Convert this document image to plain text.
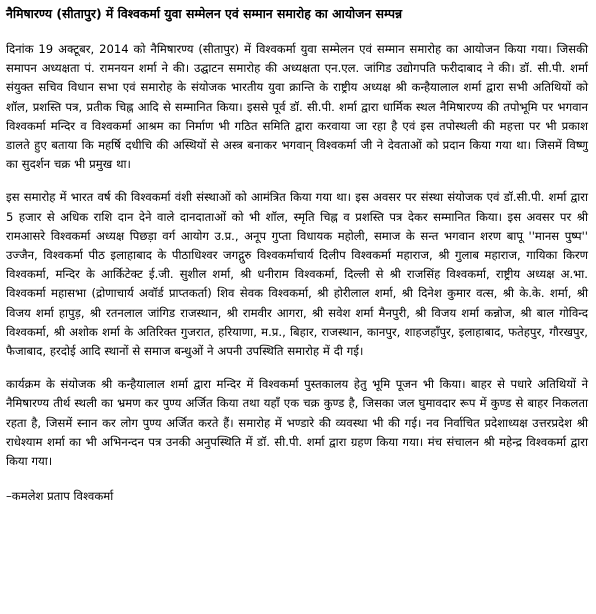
नैमिषारण्य (सीतापुर) में विश्वकर्मा युवा सम्मेलन एवं सम्मान समारोह का आयोजन सम्पन्न

दिनांक 19 अक्टूबर, 2014 को नैमिषारण्य (सीतापुर) में विश्वकर्मा युवा सम्मेलन एवं सम्मान समारोह का आयोजन किया गया। जिसकी समापन अध्यक्षता पं. रामनयन शर्मा ने की। उद्घाटन समारोह की अध्यक्षता एन.एल. जांगिड उद्योगपति फरीदाबाद ने की। डॉ. सी.पी. शर्मा संयुक्त सचिव विधान सभा एवं समारोह के संयोजक भारतीय युवा क्रान्ति के राष्ट्रीय अध्यक्ष श्री कन्हैयालाल शर्मा द्वारा सभी अतिथियों को शॉल, प्रशस्ति पत्र, प्रतीक चिह्न आदि से सम्मानित किया। इससे पूर्व डॉ. सी.पी. शर्मा द्वारा धार्मिक स्थल नैमिषारण्य की तपोभूमि पर भगवान विश्वकर्मा मन्दिर व विश्वकर्मा आश्रम का निर्माण भी गठित समिति द्वारा करवाया जा रहा है एवं इस तपोस्थली की महत्ता पर भी प्रकाश डालते हुए बताया कि महर्षि दधीचि की अस्थियों से अस्त्र बनाकर भगवान् विश्वकर्मा जी ने देवताओं को प्रदान किया गया था। जिसमें विष्णु का सुदर्शन चक्र भी प्रमुख था।

इस समारोह में भारत वर्ष की विश्वकर्मा वंशी संस्थाओं को आमंत्रित किया गया था। इस अवसर पर संस्था संयोजक एवं डॉ.सी.पी. शर्मा द्वारा 5 हजार से अधिक राशि दान देने वाले दानदाताओं को भी शॉल, स्मृति चिह्न व प्रशस्ति पत्र देकर सम्मानित किया। इस अवसर पर श्री रामआसरे विश्वकर्मा अध्यक्ष पिछड़ा वर्ग आयोग उ.प्र., अनूप गुप्ता विधायक महोली, समाज के सन्त भगवान शरण बापू ''मानस पुष्प'' उज्जैन, विश्वकर्मा पीठ इलाहाबाद के पीठाधिश्वर जगद्गुरु विश्वकर्माचार्य दिलीप विश्वकर्मा महाराज, श्री गुलाब महाराज, गायिका किरण विश्वकर्मा, मन्दिर के आर्किटेक्ट ई.जी. सुशील शर्मा, श्री धनीराम विश्वकर्मा, दिल्ली से श्री राजसिंह विश्वकर्मा, राष्ट्रीय अध्यक्ष अ.भा. विश्वकर्मा महासभा (द्रोणाचार्य अवॉर्ड प्राप्तकर्ता) शिव सेवक विश्वकर्मा, श्री होरीलाल शर्मा, श्री दिनेश कुमार वत्स, श्री के.के. शर्मा, श्री विजय शर्मा हापुड़, श्री रतनलाल जांगिड राजस्थान, श्री रामवीर आगरा, श्री सवेश शर्मा मैनपुरी, श्री विजय शर्मा कन्नोज, श्री बाल गोविन्द विश्वकर्मा, श्री अशोक शर्मा के अतिरिक्त गुजरात, हरियाणा, म.प्र., बिहार, राजस्थान, कानपुर, शाहजहाँपुर, इलाहाबाद, फतेहपुर, गौरखपुर, फैजाबाद, हरदोई आदि स्थानों से समाज बन्धुओं ने अपनी उपस्थिति समारोह में दी गई।

कार्यक्रम के संयोजक श्री कन्हैयालाल शर्मा द्वारा मन्दिर में विश्वकर्मा पुस्तकालय हेतु भूमि पूजन भी किया। बाहर से पधारे अतिथियों ने नैमिषारण्य तीर्थ स्थली का भ्रमण कर पुण्य अर्जित किया तथा यहाँ एक चक्र कुण्ड है, जिसका जल घुमावदार रूप में कुण्ड से बाहर निकलता रहता है, जिसमें स्नान कर लोग पुण्य अर्जित करते हैं। समारोह में भण्डारे की व्यवस्था भी की गई। नव निर्वाचित प्रदेशाध्यक्ष उत्तरप्रदेश श्री राधेश्याम शर्मा का भी अभिनन्दन पत्र उनकी अनुपस्थिति में डॉ. सी.पी. शर्मा द्वारा ग्रहण किया गया। मंच संचालन श्री महेन्द्र विश्वकर्मा द्वारा किया गया।

–कमलेश प्रताप विश्वकर्मा
